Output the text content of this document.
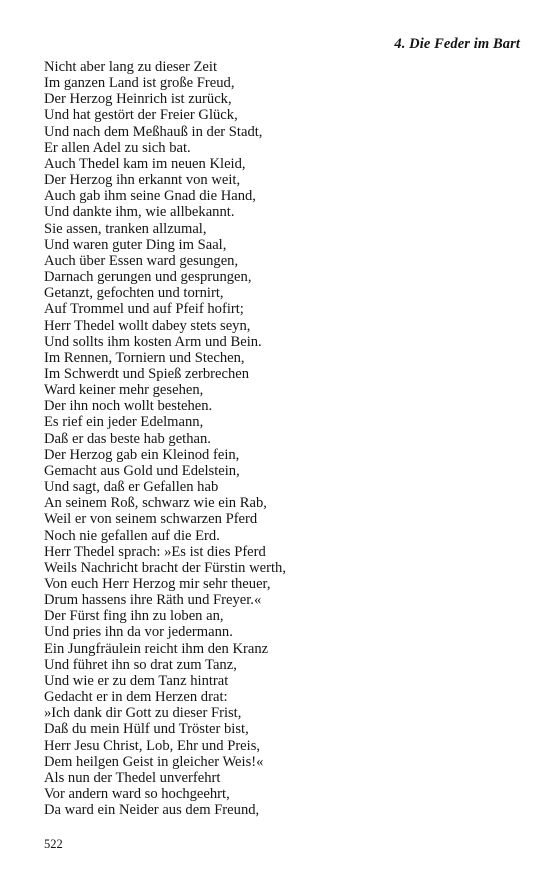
4. Die Feder im Bart
Nicht aber lang zu dieser Zeit
Im ganzen Land ist große Freud,
Der Herzog Heinrich ist zurück,
Und hat gestört der Freier Glück,
Und nach dem Meßhauß in der Stadt,
Er allen Adel zu sich bat.
Auch Thedel kam im neuen Kleid,
Der Herzog ihn erkannt von weit,
Auch gab ihm seine Gnad die Hand,
Und dankte ihm, wie allbekannt.
Sie assen, tranken allzumal,
Und waren guter Ding im Saal,
Auch über Essen ward gesungen,
Darnach gerungen und gesprungen,
Getanzt, gefochten und tornirt,
Auf Trommel und auf Pfeif hofirt;
Herr Thedel wollt dabey stets seyn,
Und sollts ihm kosten Arm und Bein.
Im Rennen, Torniern und Stechen,
Im Schwerdt und Spieß zerbrechen
Ward keiner mehr gesehen,
Der ihn noch wollt bestehen.
Es rief ein jeder Edelmann,
Daß er das beste hab gethan.
Der Herzog gab ein Kleinod fein,
Gemacht aus Gold und Edelstein,
Und sagt, daß er Gefallen hab
An seinem Roß, schwarz wie ein Rab,
Weil er von seinem schwarzen Pferd
Noch nie gefallen auf die Erd.
Herr Thedel sprach: »Es ist dies Pferd
Weils Nachricht bracht der Fürstin werth,
Von euch Herr Herzog mir sehr theuer,
Drum hassens ihre Räth und Freyer.«
Der Fürst fing ihn zu loben an,
Und pries ihn da vor jedermann.
Ein Jungfräulein reicht ihm den Kranz
Und führet ihn so drat zum Tanz,
Und wie er zu dem Tanz hintrat
Gedacht er in dem Herzen drat:
»Ich dank dir Gott zu dieser Frist,
Daß du mein Hülf und Tröster bist,
Herr Jesu Christ, Lob, Ehr und Preis,
Dem heilgen Geist in gleicher Weis!«
Als nun der Thedel unverfehrt
Vor andern ward so hochgeehrt,
Da ward ein Neider aus dem Freund,
522
